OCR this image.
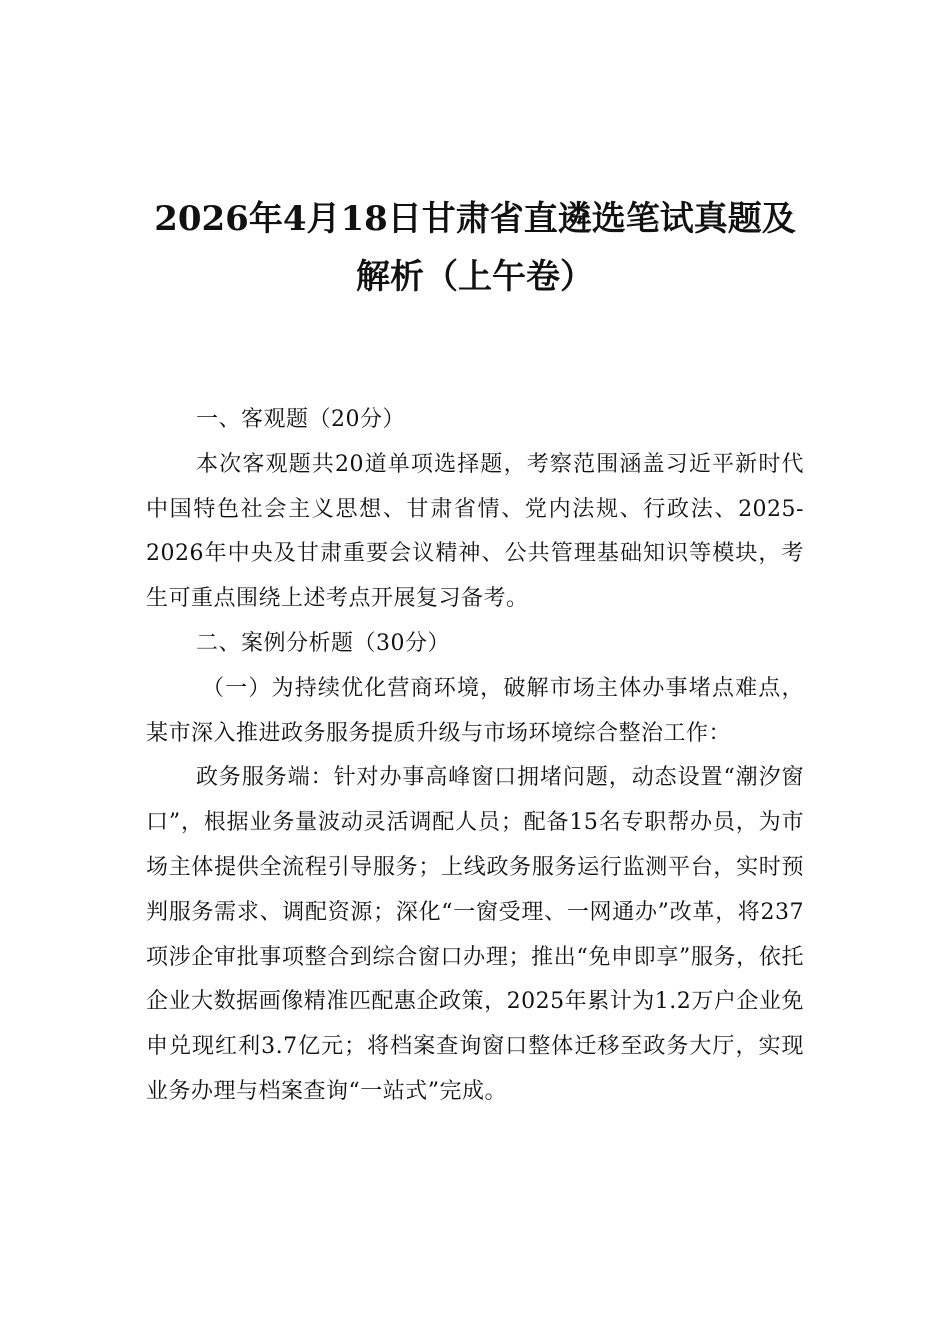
2026年4月18日甘肃省直遴选笔试真题及
解析（上午卷）

一、客观题（20分）

本次客观题共20道单项选择题，考察范围涵盖习近平新时代中国特色社会主义思想、甘肃省情、党内法规、行政法、2025-2026年中央及甘肃重要会议精神、公共管理基础知识等模块，考生可重点围绕上述考点开展复习备考。

二、案例分析题（30分）

（一）为持续优化营商环境，破解市场主体办事堵点难点，某市深入推进政务服务提质升级与市场环境综合整治工作：

政务服务端：针对办事高峰窗口拥堵问题，动态设置“潮汐窗口”，根据业务量波动灵活调配人员；配备15名专职帮办员，为市场主体提供全流程引导服务；上线政务服务运行监测平台，实时预判服务需求、调配资源；深化“一窗受理、一网通办”改革，将237项涉企审批事项整合到综合窗口办理；推出“免申即享”服务，依托企业大数据画像精准匹配惠企政策，2025年累计为1.2万户企业免申兑现红利3.7亿元；将档案查询窗口整体迁移至政务大厅，实现业务办理与档案查询“一站式”完成。
